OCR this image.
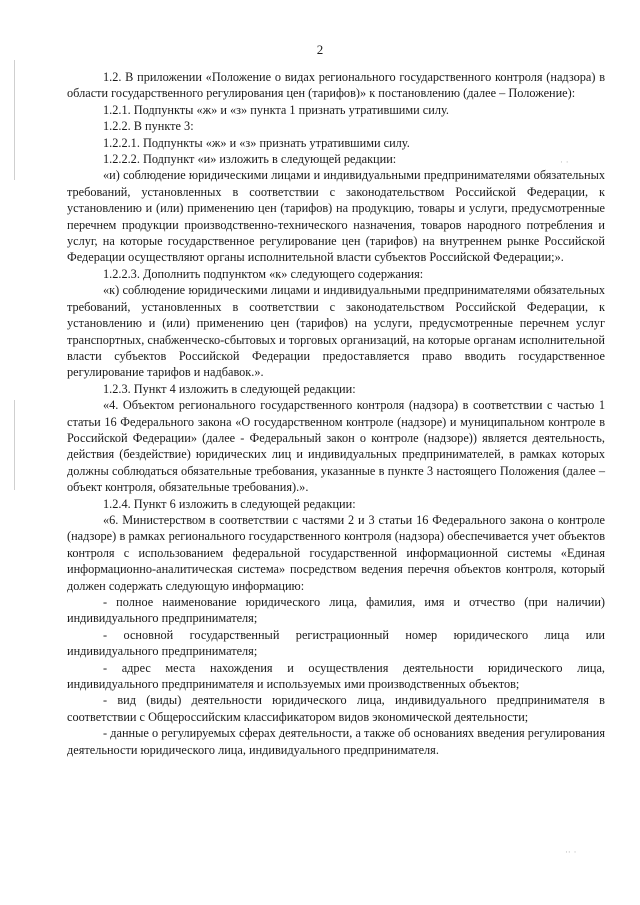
· ·
·· ·
2

1.2. В приложении «Положение о видах регионального государственного контроля (надзора) в области государственного регулирования цен (тарифов)» к постановлению (далее – Положение):

1.2.1. Подпункты «ж» и «з» пункта 1 признать утратившими силу.

1.2.2. В пункте 3:

1.2.2.1. Подпункты «ж» и «з» признать утратившими силу.

1.2.2.2. Подпункт «и» изложить в следующей редакции:

«и) соблюдение юридическими лицами и индивидуальными предпринимателями обязательных требований, установленных в соответствии с законодательством Российской Федерации, к установлению и (или) применению цен (тарифов) на продукцию, товары и услуги, предусмотренные перечнем продукции производственно-технического назначения, товаров народного потребления и услуг, на которые государственное регулирование цен (тарифов) на внутреннем рынке Российской Федерации осуществляют органы исполнительной власти субъектов Российской Федерации;».

1.2.2.3. Дополнить подпунктом «к» следующего содержания:

«к) соблюдение юридическими лицами и индивидуальными предпринимателями обязательных требований, установленных в соответствии с законодательством Российской Федерации, к установлению и (или) применению цен (тарифов) на услуги, предусмотренные перечнем услуг транспортных, снабженческо-сбытовых и торговых организаций, на которые органам исполнительной власти субъектов Российской Федерации предоставляется право вводить государственное регулирование тарифов и надбавок.».

1.2.3. Пункт 4 изложить в следующей редакции:

«4. Объектом регионального государственного контроля (надзора) в соответствии с частью 1 статьи 16 Федерального закона «О государственном контроле (надзоре) и муниципальном контроле в Российской Федерации» (далее - Федеральный закон о контроле (надзоре)) является деятельность, действия (бездействие) юридических лиц и индивидуальных предпринимателей, в рамках которых должны соблюдаться обязательные требования, указанные в пункте 3 настоящего Положения (далее – объект контроля, обязательные требования).».

1.2.4. Пункт 6 изложить в следующей редакции:

«6. Министерством в соответствии с частями 2 и 3 статьи 16 Федерального закона о контроле (надзоре) в рамках регионального государственного контроля (надзора) обеспечивается учет объектов контроля с использованием федеральной государственной информационной системы «Единая информационно-аналитическая система» посредством ведения перечня объектов контроля, который должен содержать следующую информацию:

- полное наименование юридического лица, фамилия, имя и отчество (при наличии) индивидуального предпринимателя;

- основной государственный регистрационный номер юридического лица или индивидуального предпринимателя;

- адрес места нахождения и осуществления деятельности юридического лица, индивидуального предпринимателя и используемых ими производственных объектов;

- вид (виды) деятельности юридического лица, индивидуального предпринимателя в соответствии с Общероссийским классификатором видов экономической деятельности;

- данные о регулируемых сферах деятельности, а также об основаниях введения регулирования деятельности юридического лица, индивидуального предпринимателя.
